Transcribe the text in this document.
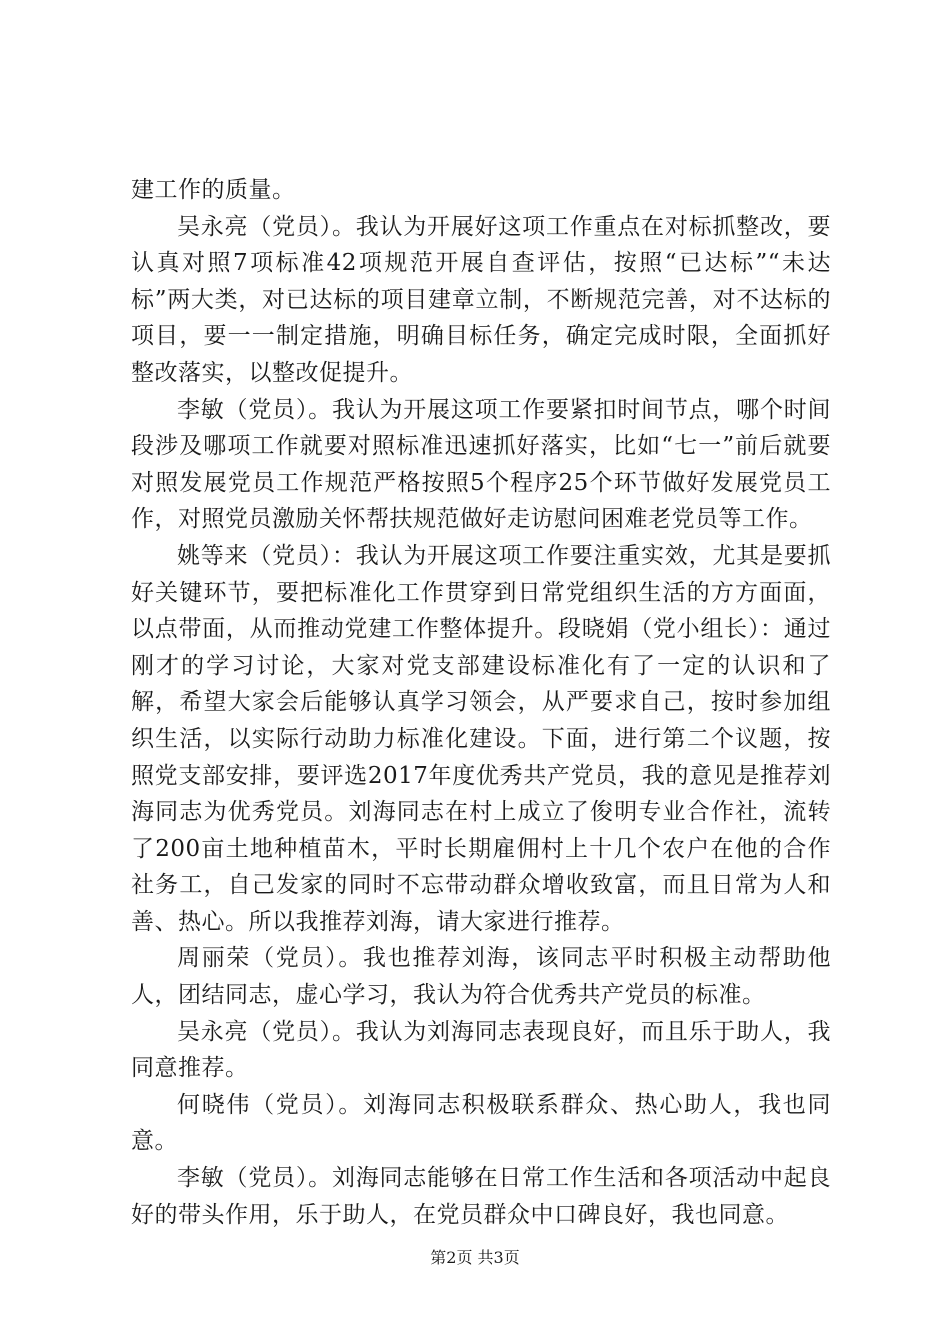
建工作的质量。

吴永亮（党员）。我认为开展好这项工作重点在对标抓整改，要认真对照7项标准42项规范开展自查评估，按照“已达标”“未达标”两大类，对已达标的项目建章立制，不断规范完善，对不达标的项目，要一一制定措施，明确目标任务，确定完成时限，全面抓好整改落实，以整改促提升。

李敏（党员）。我认为开展这项工作要紧扣时间节点，哪个时间段涉及哪项工作就要对照标准迅速抓好落实，比如“七一”前后就要对照发展党员工作规范严格按照5个程序25个环节做好发展党员工作，对照党员激励关怀帮扶规范做好走访慰问困难老党员等工作。

姚等来（党员）：我认为开展这项工作要注重实效，尤其是要抓好关键环节，要把标准化工作贯穿到日常党组织生活的方方面面，以点带面，从而推动党建工作整体提升。段晓娟（党小组长）：通过刚才的学习讨论，大家对党支部建设标准化有了一定的认识和了解，希望大家会后能够认真学习领会，从严要求自己，按时参加组织生活，以实际行动助力标准化建设。下面，进行第二个议题，按照党支部安排，要评选2017年度优秀共产党员，我的意见是推荐刘海同志为优秀党员。刘海同志在村上成立了俊明专业合作社，流转了200亩土地种植苗木，平时长期雇佣村上十几个农户在他的合作社务工，自己发家的同时不忘带动群众增收致富，而且日常为人和善、热心。所以我推荐刘海，请大家进行推荐。

周丽荣（党员）。我也推荐刘海，该同志平时积极主动帮助他人，团结同志，虚心学习，我认为符合优秀共产党员的标准。

吴永亮（党员）。我认为刘海同志表现良好，而且乐于助人，我同意推荐。

何晓伟（党员）。刘海同志积极联系群众、热心助人，我也同意。

李敏（党员）。刘海同志能够在日常工作生活和各项活动中起良好的带头作用，乐于助人，在党员群众中口碑良好，我也同意。

第2页 共3页
